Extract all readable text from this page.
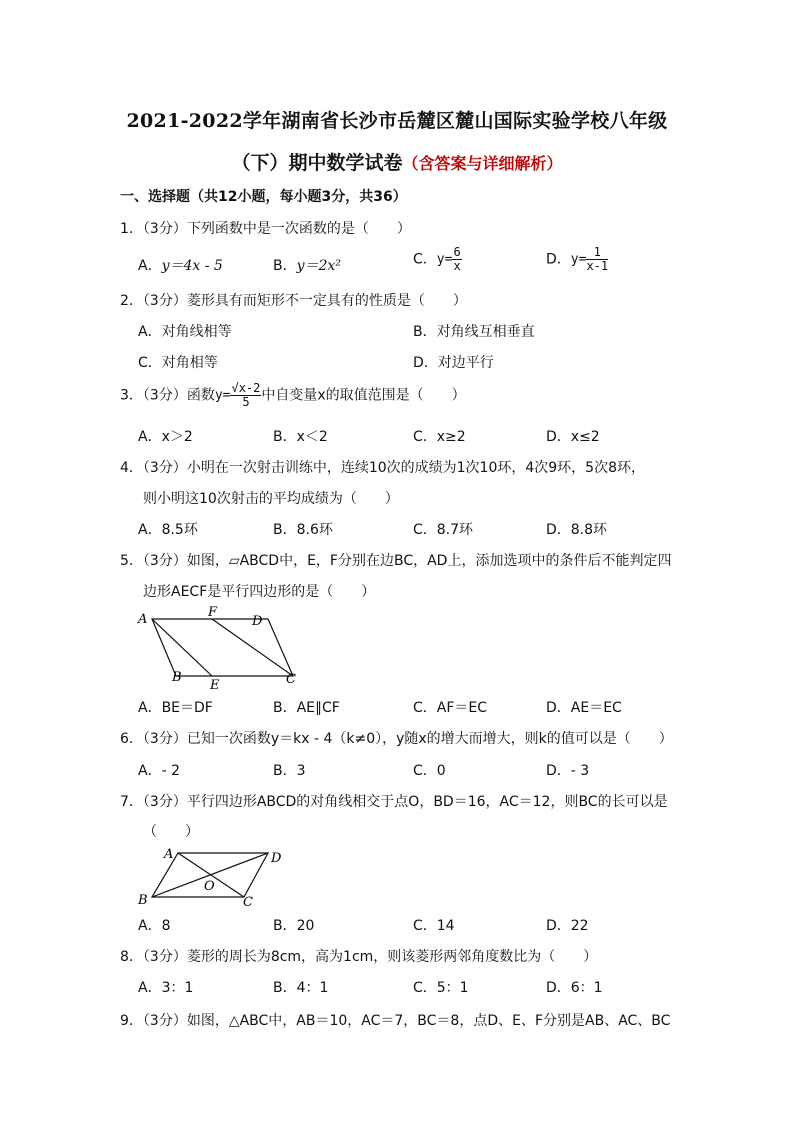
2021-2022学年湖南省长沙市岳麓区麓山国际实验学校八年级
（下）期中数学试卷（含答案与详细解析）
一、选择题（共12小题，每小题3分，共36）
1．（3分）下列函数中是一次函数的是（　　）
A．y＝4x - 5	B．y＝2x²	C．$y= \frac{6}{x}$	D．$y= \frac{1}{x-1}$
2．（3分）菱形具有而矩形不一定具有的性质是（　　）
A．对角线相等	B．对角线互相垂直
C．对角相等	D．对边平行
3．（3分）函数$y= \frac{√x-2}{5}$ 中自变量x的取值范围是（　　）
A．x＞2	B．x＜2	C．x≥2	D．x≤2
4．（3分）小明在一次射击训练中，连续10次的成绩为1次10环，4次9环，5次8环，
则小明这10次射击的平均成绩为（　　）
A．8.5环	B．8.6环	C．8.7环	D．8.8环
5．（3分）如图，▱ABCD中，E，F分别在边BC，AD上，添加选项中的条件后不能判定四
边形AECF是平行四边形的是（　　）
A	F
D
B
E	C
A．BE＝DF	B．AE∥CF	C．AF＝EC	D．AE＝EC
6．（3分）已知一次函数y＝kx - 4（k≠0），y随x的增大而增大，则k的值可以是（　　）
A．- 2	B．3	C．0	D．- 3
7．（3分）平行四边形ABCD的对角线相交于点O，BD＝16，AC＝12，则BC的长可以是
（　　）
A	D
B	C
O
A．8	B．20	C．14	D．22
8．（3分）菱形的周长为8cm，高为1cm，则该菱形两邻角度数比为（　　）
A．3：1	B．4：1	C．5：1	D．6：1
9．（3分）如图，△ABC中，AB＝10，AC＝7，BC＝8，点D、E、F分别是AB、AC、BC
